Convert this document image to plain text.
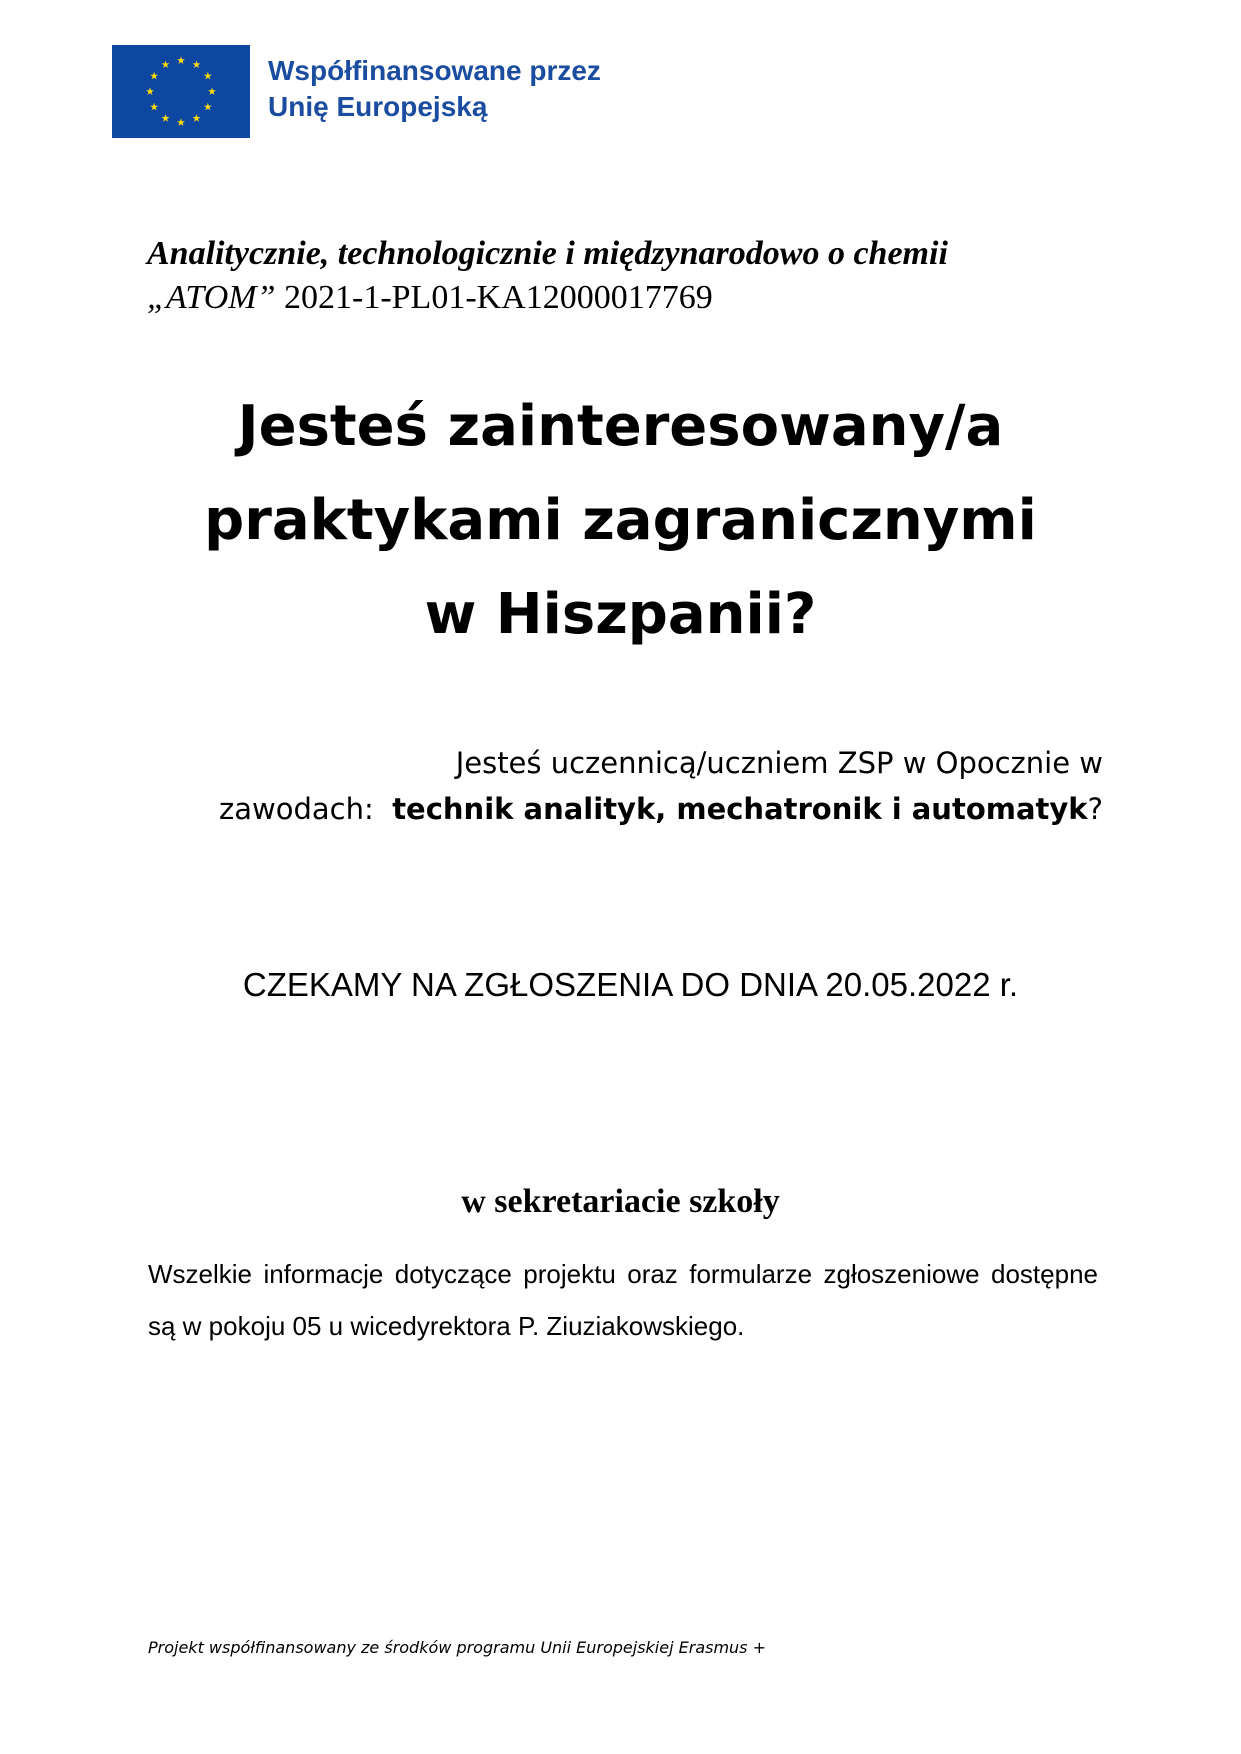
Współfinansowane przez
Unię Europejską
Analitycznie, technologicznie i międzynarodowo o chemii
„ATOM” 2021-1-PL01-KA12000017769
Jesteś zainteresowany/a
praktykami zagranicznymi
w Hiszpanii?
Jesteś uczennicą/uczniem ZSP w Opocznie w
zawodach:  technik analityk, mechatronik i automatyk?
CZEKAMY NA ZGŁOSZENIA DO DNIA 20.05.2022 r.
w sekretariacie szkoły
Wszelkie informacje dotyczące projektu oraz formularze zgłoszeniowe dostępne są w pokoju 05 u wicedyrektora P. Ziuziakowskiego.
Projekt współfinansowany ze środków programu Unii Europejskiej Erasmus +
